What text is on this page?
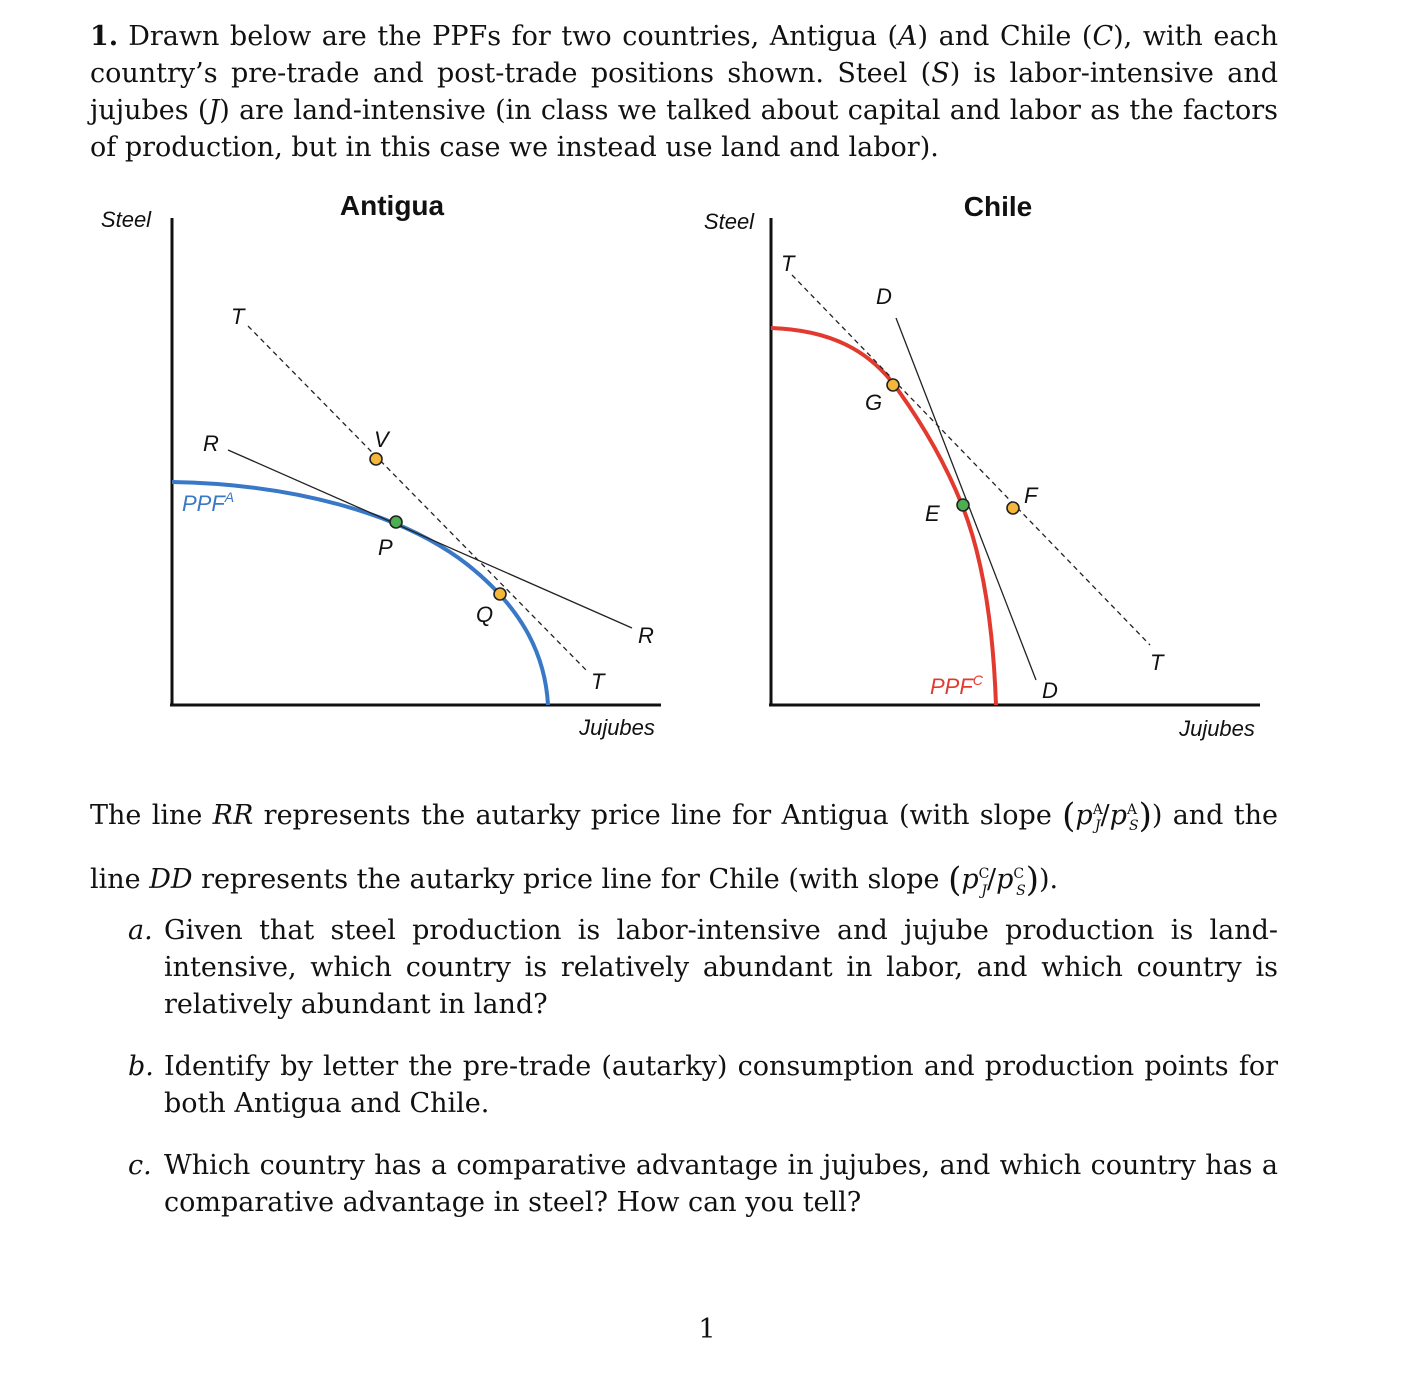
1. Drawn below are the PPFs for two countries, Antigua (A) and Chile (C), with each country’s pre-trade and post-trade positions shown. Steel (S) is labor-intensive and jujubes (J) are land-intensive (in class we talked about capital and labor as the factors of production, but in this case we instead use land and labor).
Antigua
Steel
Jujubes
$PPF^A$
R
R
T
T
V
P
Q
Chile
Steel
Jujubes
$PPF^C$
T
T
D
D
G
E
F
The line RR represents the autarky price line for Antigua (with slope $(p^A_J/p^A_S)$) and the line DD represents the autarky price line for Chile (with slope $(p^C_J/p^C_S)$).
a. Given that steel production is labor-intensive and jujube production is land-intensive, which country is relatively abundant in labor, and which country is relatively abundant in land?
b. Identify by letter the pre-trade (autarky) consumption and production points for both Antigua and Chile.
c. Which country has a comparative advantage in jujubes, and which country has a comparative advantage in steel? How can you tell?
1
